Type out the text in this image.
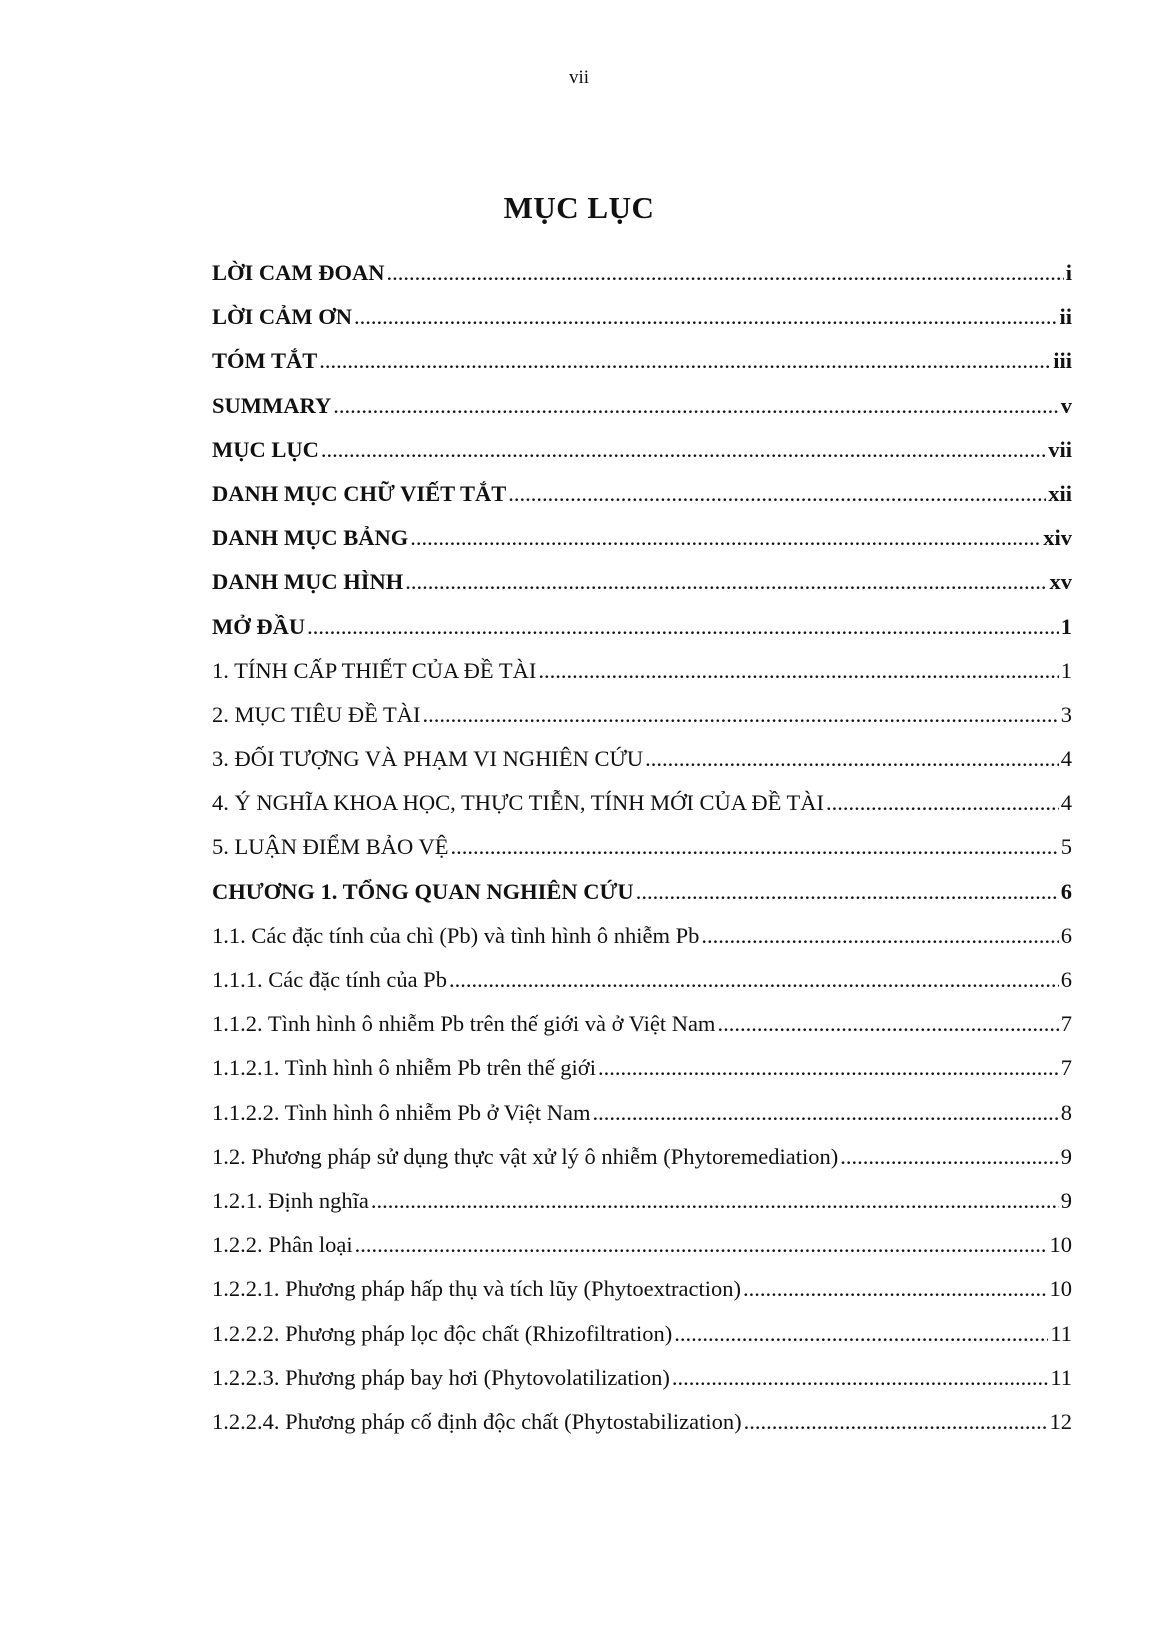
vii
MỤC LỤC
LỜI CAM ĐOAN .....	i
LỜI CẢM ƠN .....	ii
TÓM TẮT .....	iii
SUMMARY .....	v
MỤC LỤC .....	vii
DANH MỤC CHỮ VIẾT TẮT .....	xii
DANH MỤC BẢNG .....	xiv
DANH MỤC HÌNH .....	xv
MỞ ĐẦU .....	1
1. TÍNH CẤP THIẾT CỦA ĐỀ TÀI .....	1
2. MỤC TIÊU ĐỀ TÀI .....	3
3. ĐỐI TƯỢNG VÀ PHẠM VI NGHIÊN CỨU .....	4
4. Ý NGHĨA KHOA HỌC, THỰC TIỄN, TÍNH MỚI CỦA ĐỀ TÀI .....	4
5. LUẬN ĐIỂM BẢO VỆ .....	5
CHƯƠNG 1. TỔNG QUAN NGHIÊN CỨU .....	6
1.1. Các đặc tính của chì (Pb) và tình hình ô nhiễm Pb .....	6
1.1.1. Các đặc tính của Pb .....	6
1.1.2. Tình hình ô nhiễm Pb trên thế giới và ở Việt Nam .....	7
1.1.2.1. Tình hình ô nhiễm Pb trên thế giới .....	7
1.1.2.2. Tình hình ô nhiễm Pb ở Việt Nam .....	8
1.2. Phương pháp sử dụng thực vật xử lý ô nhiễm (Phytoremediation) .....	9
1.2.1. Định nghĩa .....	9
1.2.2. Phân loại .....	10
1.2.2.1. Phương pháp hấp thụ và tích lũy (Phytoextraction) .....	10
1.2.2.2. Phương pháp lọc độc chất (Rhizofiltration) .....	11
1.2.2.3. Phương pháp bay hơi (Phytovolatilization) .....	11
1.2.2.4. Phương pháp cố định độc chất (Phytostabilization) .....	12
